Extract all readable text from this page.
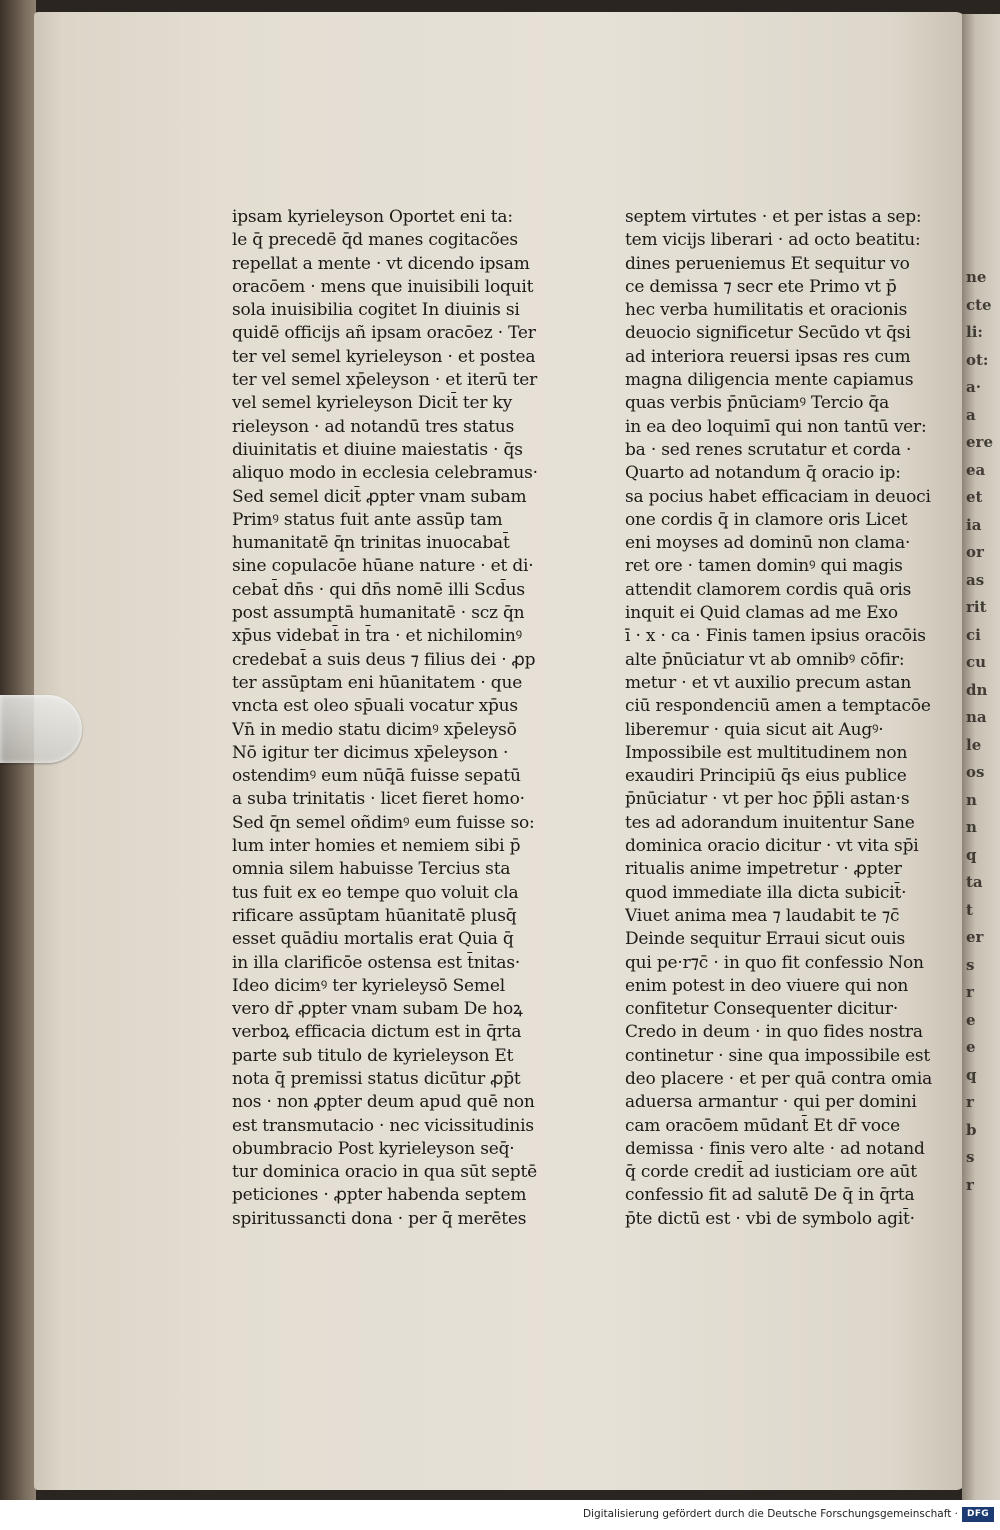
ipsam kyrieleyson Oportet eni ta:
le q̄ precedē q̄d manes cogitacões
repellat a mente · vt dicendo ipsam
oracōem · mens que inuisibili loquit
sola inuisibilia cogitet In diuinis si
quidē officijs añ ipsam oracōez · Ter
ter vel semel kyrieleyson · et postea
ter vel semel xp̄eleyson · et iterū ter
vel semel kyrieleyson Dicit̄ ter ky
rieleyson · ad notandū tres status
diuinitatis et diuine maiestatis · q̄s
aliquo modo in ecclesia celebramus·
Sed semel dicit̄ ꝓpter vnam subam
Primꝰ status fuit ante assūp tam
humanitatē q̄n trinitas inuocabat̄
sine copulacōe hūane nature · et di·
cebat̄ dn̄s · qui dn̄s nomē illi Scd̄us
post assumptā humanitatē · scz q̄n
xp̄us videbat̄ in t̄ra · et nichilominꝰ
credebat̄ a suis deus ⁊ filius dei · ꝓp
ter assūptam eni hūanitatem · que
vncta est oleo sp̄uali vocatur xp̄us
Vn̄ in medio statu dicimꝰ xp̄eleysō
Nō igitur ter dicimus xp̄eleyson ·
ostendimꝰ eum nūq̄ā fuisse sepatū
a suba trinitatis · licet fieret homo·
Sed q̄n semel oñdimꝰ eum fuisse so:
lum inter homies et nemiem sibi p̄
omnia silem habuisse Tercius sta
tus fuit ex eo tempe quo voluit cla
rificare assūptam hūanitatē plusq̄
esset quādiu mortalis erat Quia q̄
in illa clarificōe ostensa est t̄nitas·
Ideo dicimꝰ ter kyrieleysō Semel
vero dr̄ ꝓpter vnam subam De hoꝝ
verboꝝ efficacia dictum est in q̄rta
parte sub titulo de kyrieleyson Et
nota q̄ premissi status dicūtur ꝓp̄t
nos · non ꝓpter deum apud quē non
est transmutacio · nec vicissitudinis
obumbracio Post kyrieleyson seq̄·
tur dominica oracio in qua sūt septē
peticiones · ꝓpter habenda septem
spiritussancti dona · per q̄ merētes
septem virtutes · et per istas a sep:
tem vicijs liberari · ad octo beatitu:
dines perueniemus Et sequitur vo
ce demissa ⁊ secr ete Primo vt p̄
hec verba humilitatis et oracionis
deuocio significetur Secūdo vt q̄si
ad interiora reuersi ipsas res cum
magna diligencia mente capiamus
quas verbis p̄nūciamꝰ Tercio q̄a
in ea deo loquimī qui non tantū ver:
ba · sed renes scrutatur et corda ·
Quarto ad notandum q̄ oracio ip:
sa pocius habet efficaciam in deuoci
one cordis q̄ in clamore oris Licet
eni moyses ad dominū non clama·
ret ore · tamen dominꝰ qui magis
attendit clamorem cordis quā oris
inquit ei Quid clamas ad me Exo
ī · x · ca · Finis tamen ipsius oracōis
alte p̄nūciatur vt ab omnibꝰ cōfir:
metur · et vt auxilio precum astan
ciū respondenciū amen a temptacōe
liberemur · quia sicut ait Augꝰ·
Impossibile est multitudinem non
exaudiri Principiū q̄s eius publice
p̄nūciatur · vt per hoc p̄p̄li astan·s
tes ad adorandum inuitentur Sane
dominica oracio dicitur · vt vita sp̄i
ritualis anime impetretur · ꝓpter
quod immediate illa dicta subicit̄·
Viuet anima mea ⁊ laudabit te ⁊c̄
Deinde sequitur Erraui sicut ouis
qui pe·r⁊c̄ · in quo fit confessio Non
enim potest in deo viuere qui non
confitetur Consequenter dicitur·
Credo in deum · in quo fides nostra
continetur · sine qua impossibile est
deo placere · et per quā contra omia
aduersa armantur · qui per domini
cam oracōem mūdant̄ Et dr̄ voce
demissa · finis vero alte · ad notand
q̄ corde credit̄ ad iusticiam ore aūt
confessio fit ad salutē De q̄ in q̄rta
p̄te dictū est · vbi de symbolo agit̄·
ne
cte
li:
ot:
a·
a
ere
ea
et
ia
or
as
rit
ci
cu
dn
na
le
os
n
n
q
ta
t
er
s
r
e
e
q
r
b
s
r
Digitalisierung gefördert durch die Deutsche Forschungsgemeinschaft ·	DFG
